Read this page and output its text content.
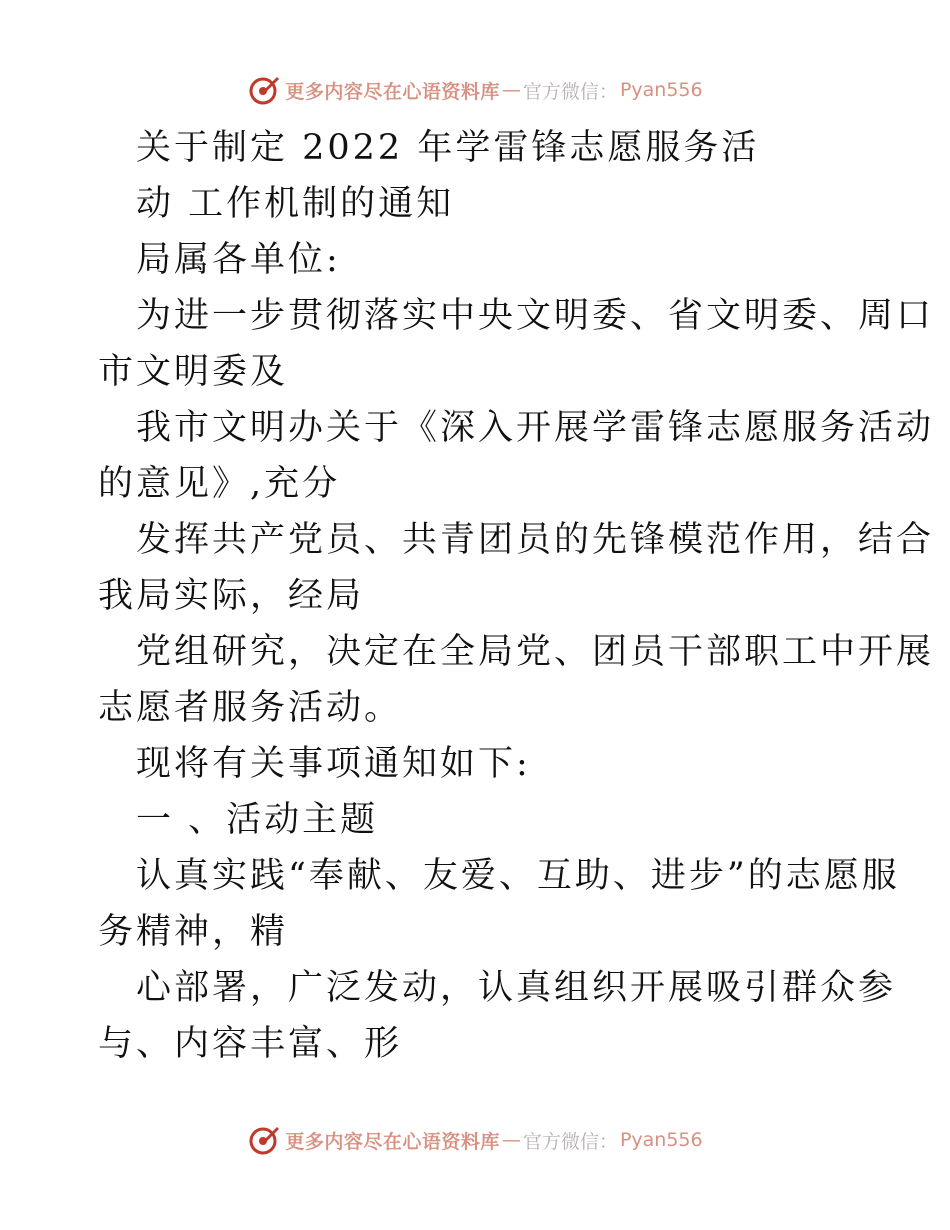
更多内容尽在心语资料库 — 官方微信： Pyan556
关于制定 2022 年学雷锋志愿服务活
动 工作机制的通知
局属各单位:
为进一步贯彻落实中央文明委、省文明委、周口
市文明委及
我市文明办关于《深入开展学雷锋志愿服务活动
的意见》,充分
发挥共产党员、共青团员的先锋模范作用，结合
我局实际，经局
党组研究，决定在全局党、团员干部职工中开展
志愿者服务活动。
现将有关事项通知如下:
一 、活动主题
认真实践“奉献、友爱、互助、进步”的志愿服
务精神，精
心部署，广泛发动，认真组织开展吸引群众参
与、内容丰富、形
更多内容尽在心语资料库 — 官方微信： Pyan556
